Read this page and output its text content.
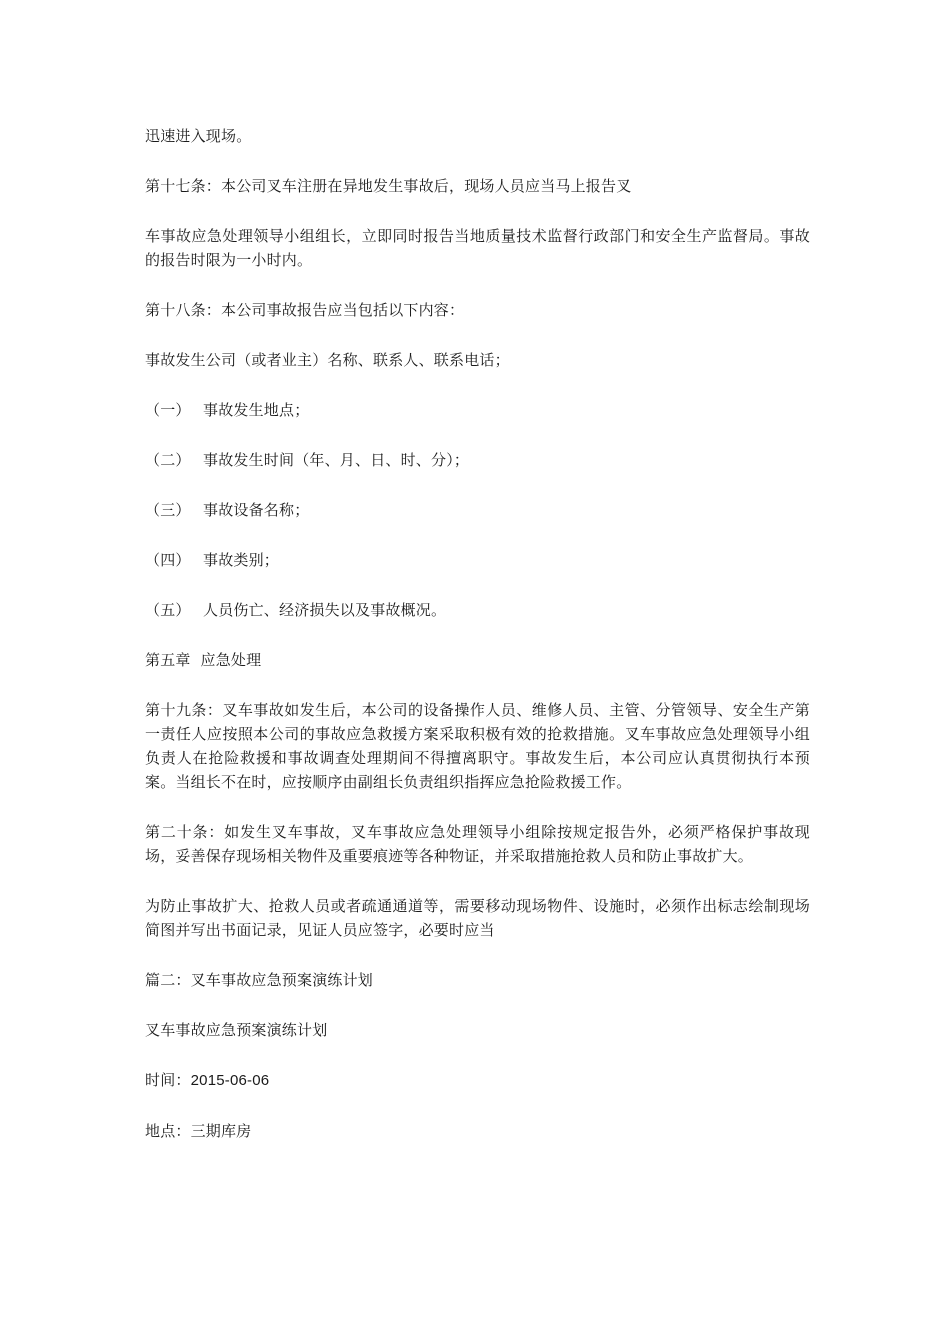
迅速进入现场。

第十七条：本公司叉车注册在异地发生事故后，现场人员应当马上报告叉

车事故应急处理领导小组组长，立即同时报告当地质量技术监督行政部门和安全生产监督局。事故的报告时限为一小时内。

第十八条：本公司事故报告应当包括以下内容：

事故发生公司（或者业主）名称、联系人、联系电话；

（一） 事故发生地点；
（二） 事故发生时间（年、月、日、时、分）；
（三） 事故设备名称；
（四） 事故类别；
（五） 人员伤亡、经济损失以及事故概况。

第五章  应急处理

第十九条：叉车事故如发生后，本公司的设备操作人员、维修人员、主管、分管领导、安全生产第一责任人应按照本公司的事故应急救援方案采取积极有效的抢救措施。叉车事故应急处理领导小组负责人在抢险救援和事故调查处理期间不得擅离职守。事故发生后，本公司应认真贯彻执行本预案。当组长不在时，应按顺序由副组长负责组织指挥应急抢险救援工作。

第二十条：如发生叉车事故，叉车事故应急处理领导小组除按规定报告外，必须严格保护事故现场，妥善保存现场相关物件及重要痕迹等各种物证，并采取措施抢救人员和防止事故扩大。

为防止事故扩大、抢救人员或者疏通通道等，需要移动现场物件、设施时，必须作出标志绘制现场简图并写出书面记录，见证人员应签字，必要时应当

篇二：叉车事故应急预案演练计划

叉车事故应急预案演练计划

时间：2015-06-06

地点：三期库房
